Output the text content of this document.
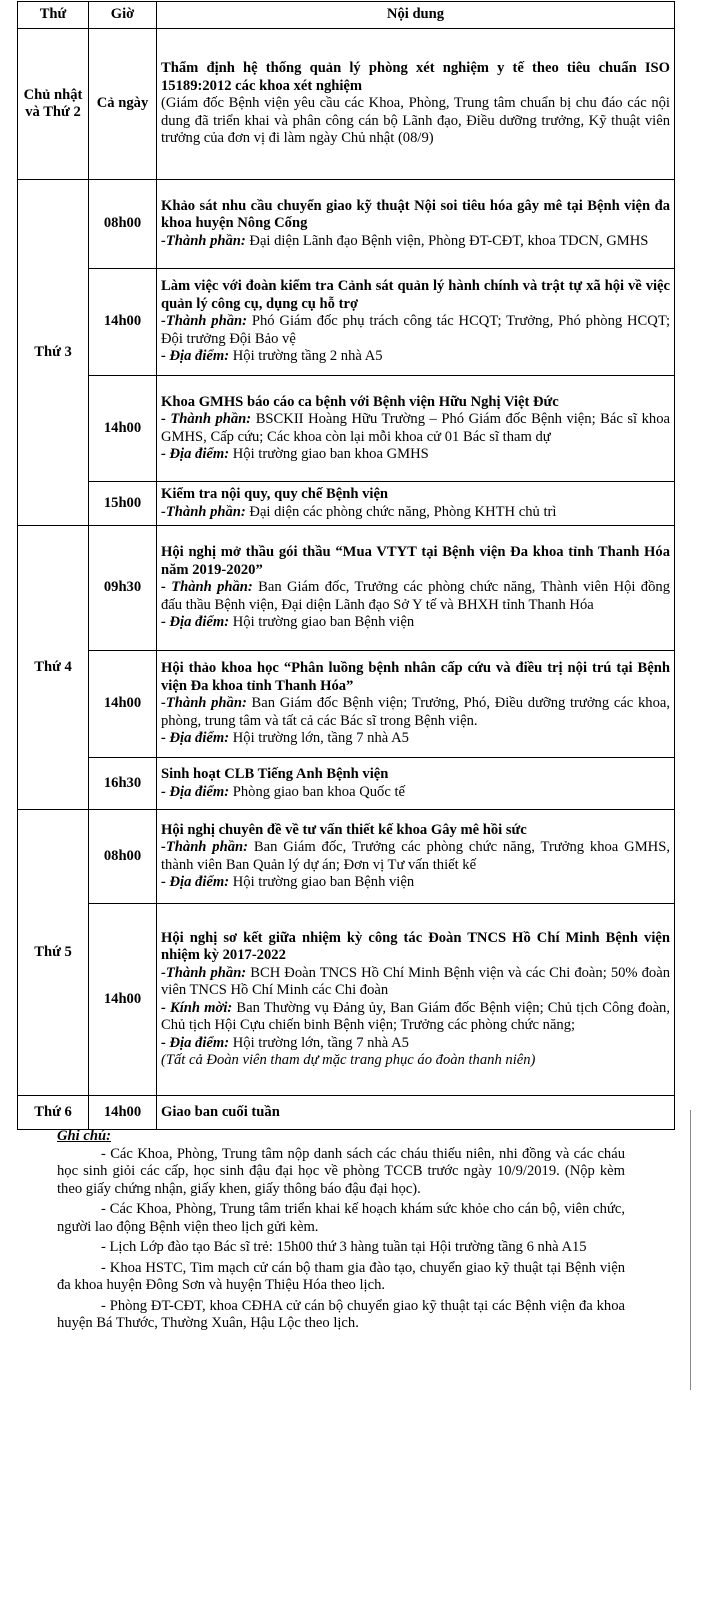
Thứ	Giờ	Nội dung
Chủ nhật và Thứ 2	Cả ngày	Thẩm định hệ thống quản lý phòng xét nghiệm y tế theo tiêu chuẩn ISO 15189:2012 các khoa xét nghiệm
(Giám đốc Bệnh viện yêu cầu các Khoa, Phòng, Trung tâm chuẩn bị chu đáo các nội dung đã triển khai và phân công cán bộ Lãnh đạo, Điều dưỡng trưởng, Kỹ thuật viên trưởng của đơn vị đi làm ngày Chủ nhật (08/9)

Thứ 3	08h00	Khảo sát nhu cầu chuyển giao kỹ thuật Nội soi tiêu hóa gây mê tại Bệnh viện đa khoa huyện Nông Cống
-Thành phần: Đại diện Lãnh đạo Bệnh viện, Phòng ĐT-CĐT, khoa TDCN, GMHS

	14h00	Làm việc với đoàn kiểm tra Cảnh sát quản lý hành chính và trật tự xã hội về việc quản lý công cụ, dụng cụ hỗ trợ
-Thành phần: Phó Giám đốc phụ trách công tác HCQT; Trưởng, Phó phòng HCQT; Đội trưởng Đội Bảo vệ
- Địa điểm: Hội trường tầng 2 nhà A5

	14h00	Khoa GMHS báo cáo ca bệnh với Bệnh viện Hữu Nghị Việt Đức
- Thành phần: BSCKII Hoàng Hữu Trường – Phó Giám đốc Bệnh viện; Bác sĩ khoa GMHS, Cấp cứu; Các khoa còn lại mỗi khoa cử 01 Bác sĩ tham dự
- Địa điểm: Hội trường giao ban khoa GMHS

	15h00	Kiểm tra nội quy, quy chế Bệnh viện
-Thành phần: Đại diện các phòng chức năng, Phòng KHTH chủ trì

Thứ 4	09h30	Hội nghị mở thầu gói thầu “Mua VTYT tại Bệnh viện Đa khoa tỉnh Thanh Hóa năm 2019-2020”
- Thành phần: Ban Giám đốc, Trưởng các phòng chức năng, Thành viên Hội đồng đấu thầu Bệnh viện, Đại diện Lãnh đạo Sở Y tế và BHXH tỉnh Thanh Hóa
- Địa điểm: Hội trường giao ban Bệnh viện

	14h00	Hội thảo khoa học “Phân luồng bệnh nhân cấp cứu và điều trị nội trú tại Bệnh viện Đa khoa tỉnh Thanh Hóa”
-Thành phần: Ban Giám đốc Bệnh viện; Trưởng, Phó, Điều dưỡng trưởng các khoa, phòng, trung tâm và tất cả các Bác sĩ trong Bệnh viện.
- Địa điểm: Hội trường lớn, tầng 7 nhà A5

	16h30	Sinh hoạt CLB Tiếng Anh Bệnh viện
- Địa điểm: Phòng giao ban khoa Quốc tế

Thứ 5	08h00	Hội nghị chuyên đề về tư vấn thiết kế khoa Gây mê hồi sức
-Thành phần: Ban Giám đốc, Trưởng các phòng chức năng, Trưởng khoa GMHS, thành viên Ban Quản lý dự án; Đơn vị Tư vấn thiết kế
- Địa điểm: Hội trường giao ban Bệnh viện

	14h00	Hội nghị sơ kết giữa nhiệm kỳ công tác Đoàn TNCS Hồ Chí Minh Bệnh viện nhiệm kỳ 2017-2022
-Thành phần: BCH Đoàn TNCS Hồ Chí Minh Bệnh viện và các Chi đoàn; 50% đoàn viên TNCS Hồ Chí Minh các Chi đoàn
- Kính mời: Ban Thường vụ Đảng ủy, Ban Giám đốc Bệnh viện; Chủ tịch Công đoàn, Chủ tịch Hội Cựu chiến binh Bệnh viện; Trưởng các phòng chức năng;
- Địa điểm: Hội trường lớn, tầng 7 nhà A5
(Tất cả Đoàn viên tham dự mặc trang phục áo đoàn thanh niên)

Thứ 6	14h00	Giao ban cuối tuần
Ghi chú:

- Các Khoa, Phòng, Trung tâm nộp danh sách các cháu thiếu niên, nhi đồng và các cháu học sinh giỏi các cấp, học sinh đậu đại học về phòng TCCB trước ngày 10/9/2019. (Nộp kèm theo giấy chứng nhận, giấy khen, giấy thông báo đậu đại học).

- Các Khoa, Phòng, Trung tâm triển khai kế hoạch khám sức khỏe cho cán bộ, viên chức, người lao động Bệnh viện theo lịch gửi kèm.

- Lịch Lớp đào tạo Bác sĩ trẻ: 15h00 thứ 3 hàng tuần tại Hội trường tầng 6 nhà A15

- Khoa HSTC, Tim mạch cử cán bộ tham gia đào tạo, chuyển giao kỹ thuật tại Bệnh viện đa khoa huyện Đông Sơn và huyện Thiệu Hóa theo lịch.

- Phòng ĐT-CĐT, khoa CĐHA cử cán bộ chuyển giao kỹ thuật tại các Bệnh viện đa khoa huyện Bá Thước, Thường Xuân, Hậu Lộc theo lịch.
